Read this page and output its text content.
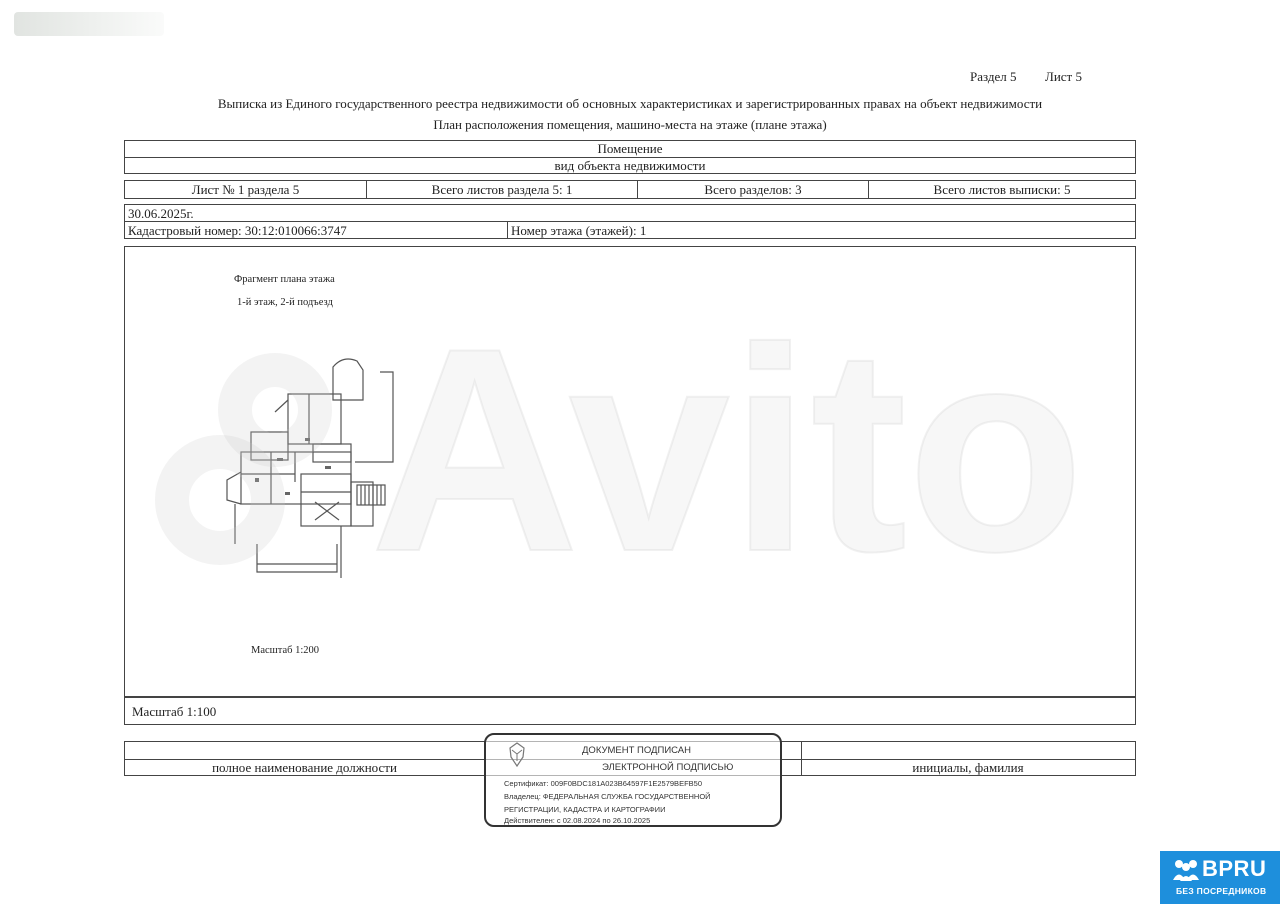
Раздел 5 Лист 5
Выписка из Единого государственного реестра недвижимости об основных характеристиках и зарегистрированных правах на объект недвижимости
План расположения помещения, машино-места на этаже (плане этажа)
Помещение
вид объекта недвижимости
Лист № 1 раздела 5	Всего листов раздела 5: 1	Всего разделов: 3	Всего листов выписки: 5
30.06.2025г.
Кадастровый номер: 30:12:010066:3747	Номер этажа (этажей): 1
Фрагмент плана этажа
1-й этаж, 2-й подъезд
Масштаб 1:200
Масштаб 1:100
полное наименование должности	инициалы, фамилия
ДОКУМЕНТ ПОДПИСАН
ЭЛЕКТРОННОЙ ПОДПИСЬЮ
Сертификат: 009F0BDC181A023B64597F1E2579BEFB50
Владелец: ФЕДЕРАЛЬНАЯ СЛУЖБА ГОСУДАРСТВЕННОЙ
РЕГИСТРАЦИИ, КАДАСТРА И КАРТОГРАФИИ
Действителен: с 02.08.2024 по 26.10.2025
Avito
BPRU
БЕЗ ПОСРЕДНИКОВ
